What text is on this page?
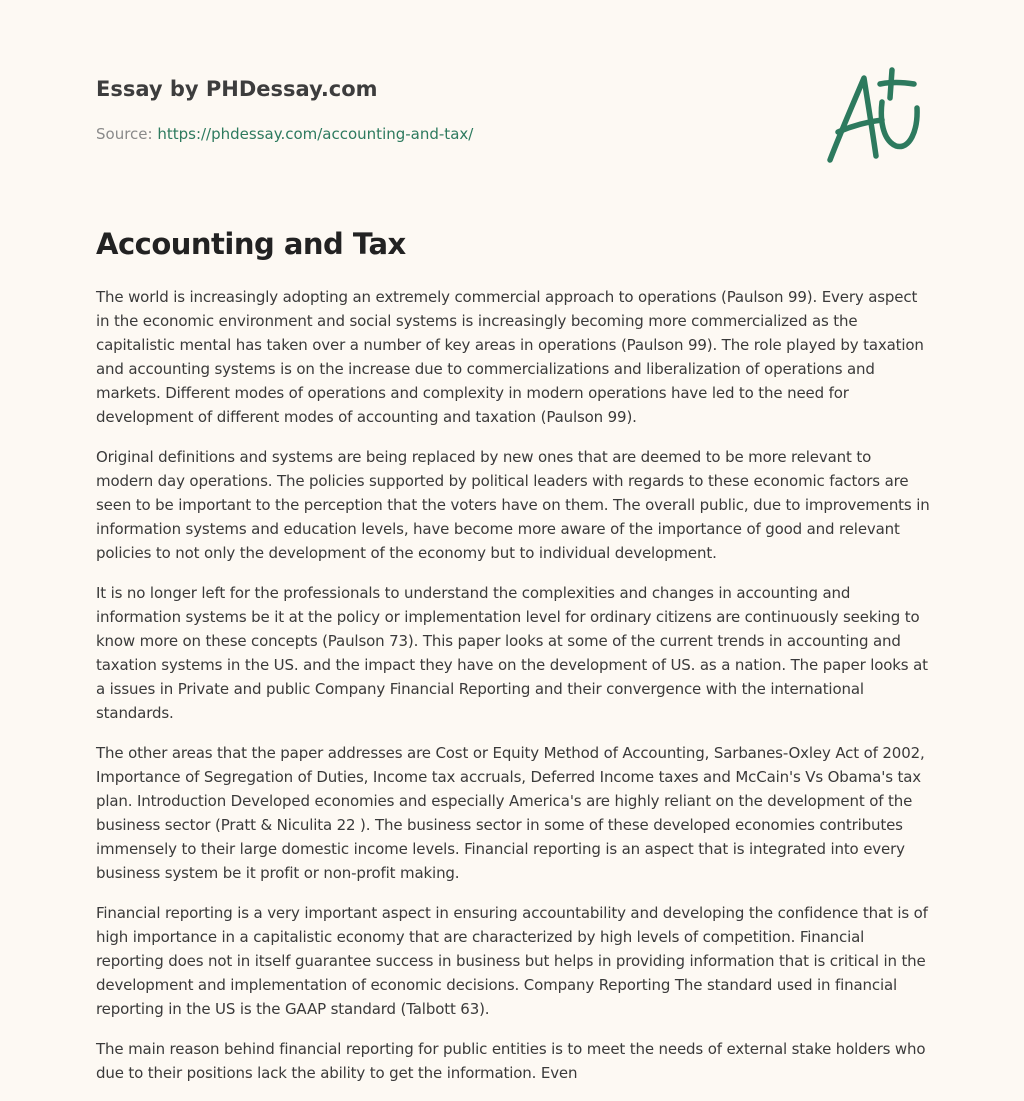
Essay by PHDessay.com
Source: https://phdessay.com/accounting-and-tax/
Accounting and Tax

The world is increasingly adopting an extremely commercial approach to operations (Paulson 99). Every aspect in the economic environment and social systems is increasingly becoming more commercialized as the capitalistic mental has taken over a number of key areas in operations (Paulson 99). The role played by taxation and accounting systems is on the increase due to commercializations and liberalization of operations and markets. Different modes of operations and complexity in modern operations have led to the need for development of different modes of accounting and taxation (Paulson 99).

Original definitions and systems are being replaced by new ones that are deemed to be more relevant to modern day operations. The policies supported by political leaders with regards to these economic factors are seen to be important to the perception that the voters have on them. The overall public, due to improvements in information systems and education levels, have become more aware of the importance of good and relevant policies to not only the development of the economy but to individual development.

It is no longer left for the professionals to understand the complexities and changes in accounting and information systems be it at the policy or implementation level for ordinary citizens are continuously seeking to know more on these concepts (Paulson 73). This paper looks at some of the current trends in accounting and taxation systems in the US. and the impact they have on the development of US. as a nation. The paper looks at a issues in Private and public Company Financial Reporting and their convergence with the international standards.

The other areas that the paper addresses are Cost or Equity Method of Accounting, Sarbanes-Oxley Act of 2002, Importance of Segregation of Duties, Income tax accruals, Deferred Income taxes and McCain's Vs Obama's tax plan. Introduction Developed economies and especially America's are highly reliant on the development of the business sector (Pratt & Niculita 22 ). The business sector in some of these developed economies contributes immensely to their large domestic income levels. Financial reporting is an aspect that is integrated into every business system be it profit or non-profit making.

Financial reporting is a very important aspect in ensuring accountability and developing the confidence that is of high importance in a capitalistic economy that are characterized by high levels of competition. Financial reporting does not in itself guarantee success in business but helps in providing information that is critical in the development and implementation of economic decisions. Company Reporting The standard used in financial reporting in the US is the GAAP standard (Talbott 63).

The main reason behind financial reporting for public entities is to meet the needs of external stake holders who due to their positions lack the ability to get the information. Even
